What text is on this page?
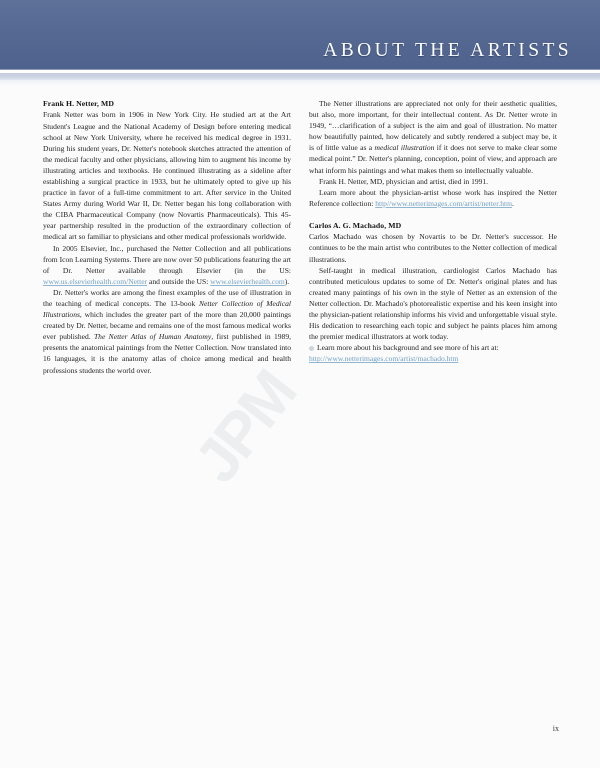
ABOUT THE ARTISTS
JPM
Frank H. Netter, MD

Frank Netter was born in 1906 in New York City. He studied art at the Art Student's League and the National Academy of Design before entering medical school at New York University, where he received his medical degree in 1931. During his student years, Dr. Netter's notebook sketches attracted the attention of the medical faculty and other physicians, allowing him to augment his income by illustrating articles and textbooks. He continued illustrating as a sideline after establishing a surgical practice in 1933, but he ultimately opted to give up his practice in favor of a full-time commitment to art. After service in the United States Army during World War II, Dr. Netter began his long collaboration with the CIBA Pharmaceutical Company (now Novartis Pharmaceuticals). This 45-year partnership resulted in the production of the extraordinary collection of medical art so familiar to physicians and other medical professionals worldwide.

In 2005 Elsevier, Inc., purchased the Netter Collection and all publications from Icon Learning Systems. There are now over 50 publications featuring the art of Dr. Netter available through Elsevier (in the US: www.us.elsevierhealth.com/Netter and outside the US: www.elsevierhealth.com).

Dr. Netter's works are among the finest examples of the use of illustration in the teaching of medical concepts. The 13-book Netter Collection of Medical Illustrations, which includes the greater part of the more than 20,000 paintings created by Dr. Netter, became and remains one of the most famous medical works ever published. The Netter Atlas of Human Anatomy, first published in 1989, presents the anatomical paintings from the Netter Collection. Now translated into 16 languages, it is the anatomy atlas of choice among medical and health professions students the world over.

The Netter illustrations are appreciated not only for their aesthetic qualities, but also, more important, for their intellectual content. As Dr. Netter wrote in 1949, “…clarification of a subject is the aim and goal of illustration. No matter how beautifully painted, how delicately and subtly rendered a subject may be, it is of little value as a medical illustration if it does not serve to make clear some medical point.” Dr. Netter's planning, conception, point of view, and approach are what inform his paintings and what makes them so intellectually valuable.

Frank H. Netter, MD, physician and artist, died in 1991.

Learn more about the physician-artist whose work has inspired the Netter Reference collection: http//www.netterimages.com/artist/netter.htm.

Carlos A. G. Machado, MD

Carlos Machado was chosen by Novartis to be Dr. Netter's successor. He continues to be the main artist who contributes to the Netter collection of medical illustrations.

Self-taught in medical illustration, cardiologist Carlos Machado has contributed meticulous updates to some of Dr. Netter's original plates and has created many paintings of his own in the style of Netter as an extension of the Netter collection. Dr. Machado's photorealistic expertise and his keen insight into the physician-patient relationship informs his vivid and unforgettable visual style. His dedication to researching each topic and subject he paints places him among the premier medical illustrators at work today.

Learn more about his background and see more of his art at:
http://www.netterimages.com/artist/machado.htm

ix
